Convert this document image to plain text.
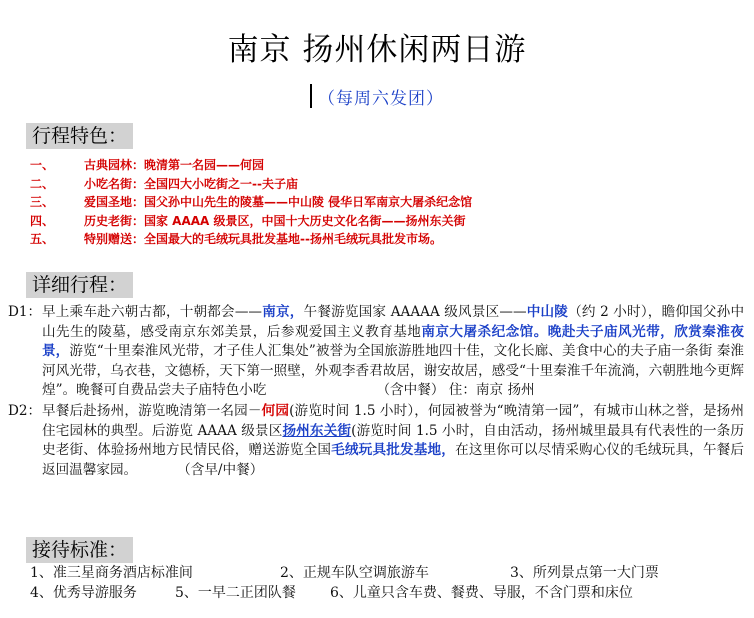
南京 扬州休闲两日游
（每周六发团）
行程特色：
一、	古典园林：晚清第一名园——何园
二、	小吃名街：全国四大小吃街之一--夫子庙
三、	爱国圣地：国父孙中山先生的陵墓——中山陵 侵华日军南京大屠杀纪念馆
四、	历史老街：国家 AAAA 级景区，中国十大历史文化名街——扬州东关街
五、	特别赠送：全国最大的毛绒玩具批发基地--扬州毛绒玩具批发市场。
详细行程：
D1： 早上乘车赴六朝古都，十朝都会——南京，午餐游览国家 AAAAA 级风景区——中山陵（约 2 小时），瞻仰国父孙中山先生的陵墓，感受南京东郊美景，后参观爱国主义教育基地南京大屠杀纪念馆。晚赴夫子庙风光带，欣赏秦淮夜景，游览“十里秦淮风光带，才子佳人汇集处”被誉为全国旅游胜地四十佳，文化长廊、美食中心的夫子庙一条街 秦淮河风光带，乌衣巷，文德桥，天下第一照壁，外观李香君故居，谢安故居，感受“十里秦淮千年流淌，六朝胜地今更辉煌”。晚餐可自费品尝夫子庙特色小吃	（含中餐） 住：南京 扬州
D2： 早餐后赴扬州，游览晚清第一名园－何园(游览时间 1.5 小时），何园被誉为“晚清第一园”，有城市山林之誉，是扬州住宅园林的典型。后游览 AAAA 级景区扬州东关街(游览时间 1.5 小时，自由活动，扬州城里最具有代表性的一条历史老街、体验扬州地方民情民俗，赠送游览全国毛绒玩具批发基地，在这里你可以尽情采购心仪的毛绒玩具，午餐后返回温馨家园。	（含早/中餐）
接待标准：
1、准三星商务酒店标准间	2、正规车队空调旅游车	3、所列景点第一大门票
4、优秀导游服务	5、一早二正团队餐	6、儿童只含车费、餐费、导服，不含门票和床位
